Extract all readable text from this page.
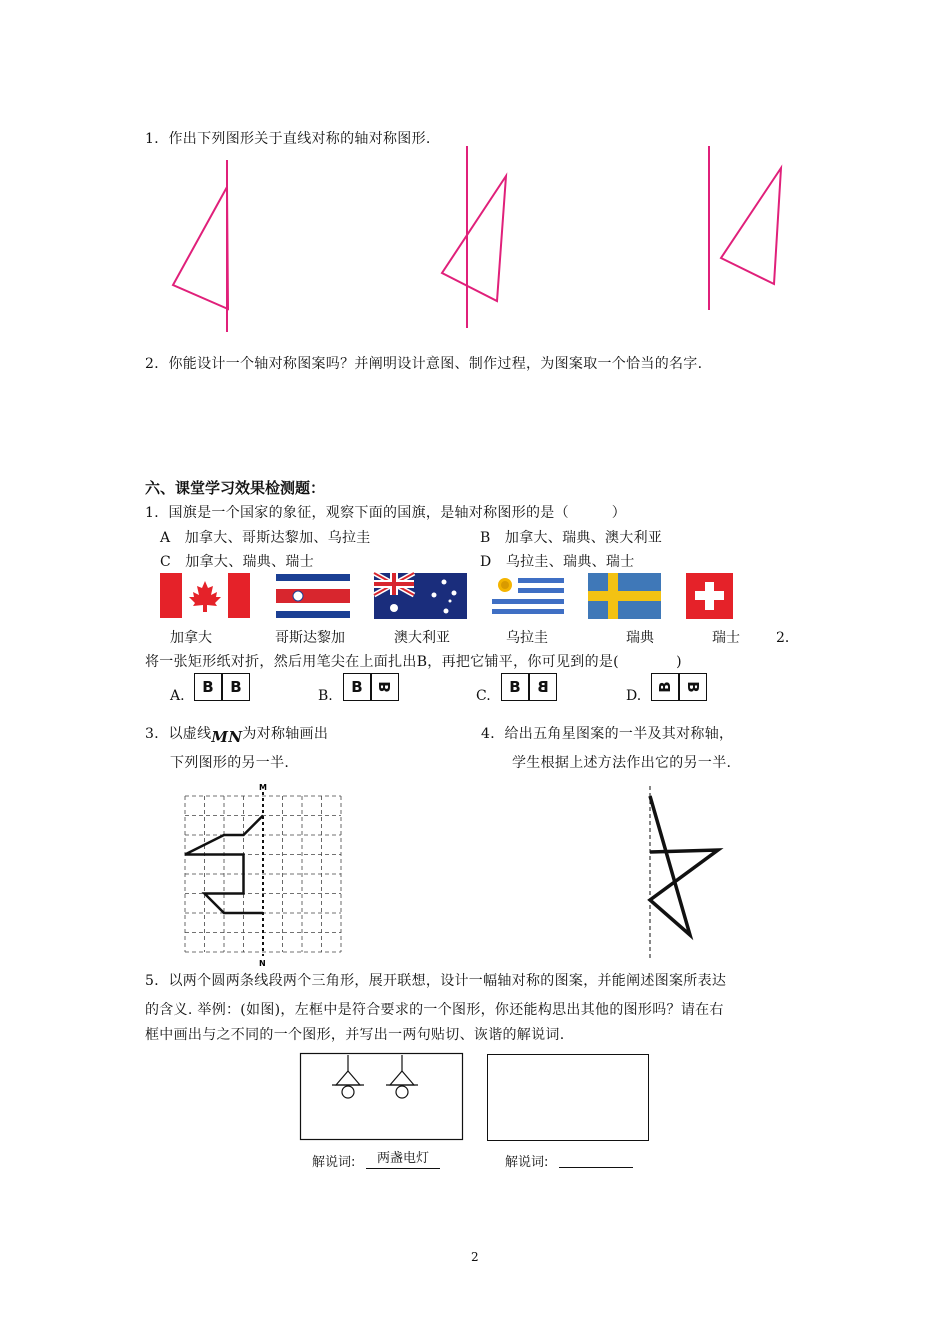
1．作出下列图形关于直线对称的轴对称图形.
2．你能设计一个轴对称图案吗？并阐明设计意图、制作过程，为图案取一个恰当的名字.
六、课堂学习效果检测题：
1．国旗是一个国家的象征，观察下面的国旗，是轴对称图形的是（　　　）
A　加拿大、哥斯达黎加、乌拉圭	B　加拿大、瑞典、澳大利亚
C　加拿大、瑞典、瑞士	D　乌拉圭、瑞典、瑞士
加拿大	哥斯达黎加	澳大利亚	乌拉圭	瑞典	瑞士	2．
将一张矩形纸对折，然后用笔尖在上面扎出B，再把它铺平，你可见到的是(　　　　)
A.	B	B	B.	B B
C.	B	B	D.
B B
3．以虚线MN为对称轴画出
下列图形的另一半.
4．给出五角星图案的一半及其对称轴，
学生根据上述方法作出它的另一半.
M
N
5．以两个圆两条线段两个三角形，展开联想，设计一幅轴对称的图案，并能阐述图案所表达
的含义. 举例：(如图)，左框中是符合要求的一个图形，你还能构思出其他的图形吗？请在右
框中画出与之不同的一个图形，并写出一两句贴切、诙谐的解说词.
解说词:	两盏电灯	解说词:
2
